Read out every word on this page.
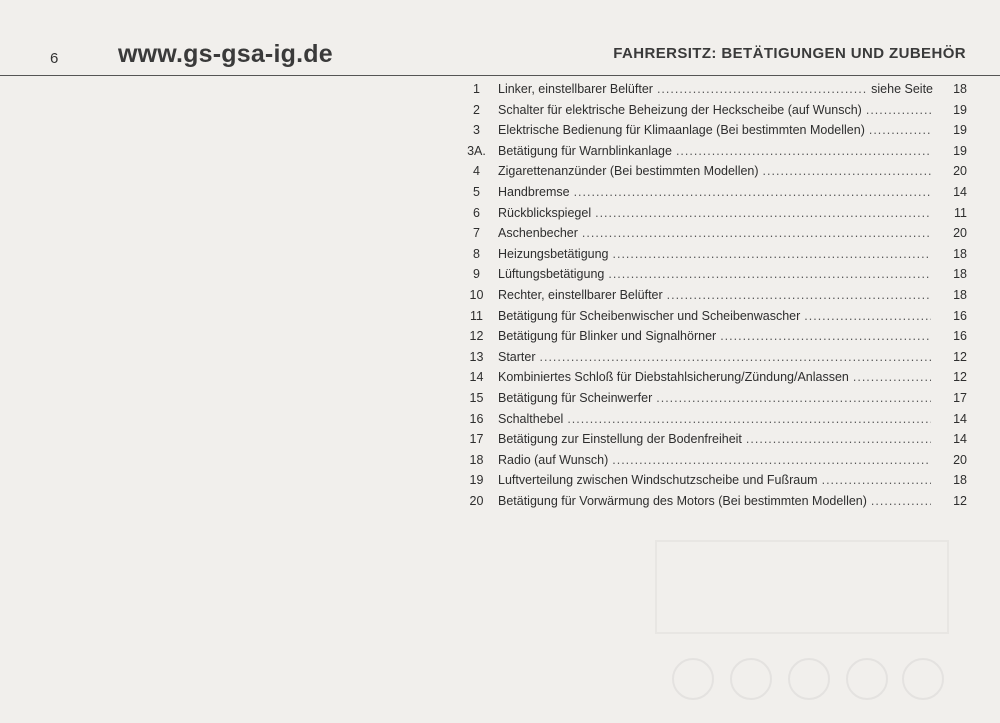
6 www.gs-gsa-ig.de	FAHRERSITZ: BETÄTIGUNGEN UND ZUBEHÖR
1	Linker, einstellbarer Belüfter .....	siehe Seite	18
2	Schalter für elektrische Beheizung der Heckscheibe (auf Wunsch) .....	19
3	Elektrische Bedienung für Klimaanlage (Bei bestimmten Modellen) .....	19
3A. Betätigung für Warnblinkanlage .....	19
4	Zigarettenanzünder (Bei bestimmten Modellen) .....	20
5	Handbremse .....	14
6	Rückblickspiegel .....	11
7	Aschenbecher .....	20
8	Heizungsbetätigung .....	18
9	Lüftungsbetätigung .....	18
10	Rechter, einstellbarer Belüfter .....	18
11	Betätigung für Scheibenwischer und Scheibenwascher .....	16
12	Betätigung für Blinker und Signalhörner .....	16
13	Starter .....	12
14	Kombiniertes Schloß für Diebstahlsicherung/Zündung/Anlassen .....	12
15	Betätigung für Scheinwerfer .....	17
16	Schalthebel .....	14
17	Betätigung zur Einstellung der Bodenfreiheit .....	14
18	Radio (auf Wunsch) .....	20
19	Luftverteilung zwischen Windschutzscheibe und Fußraum .....	18
20	Betätigung für Vorwärmung des Motors (Bei bestimmten Modellen) .....	12
